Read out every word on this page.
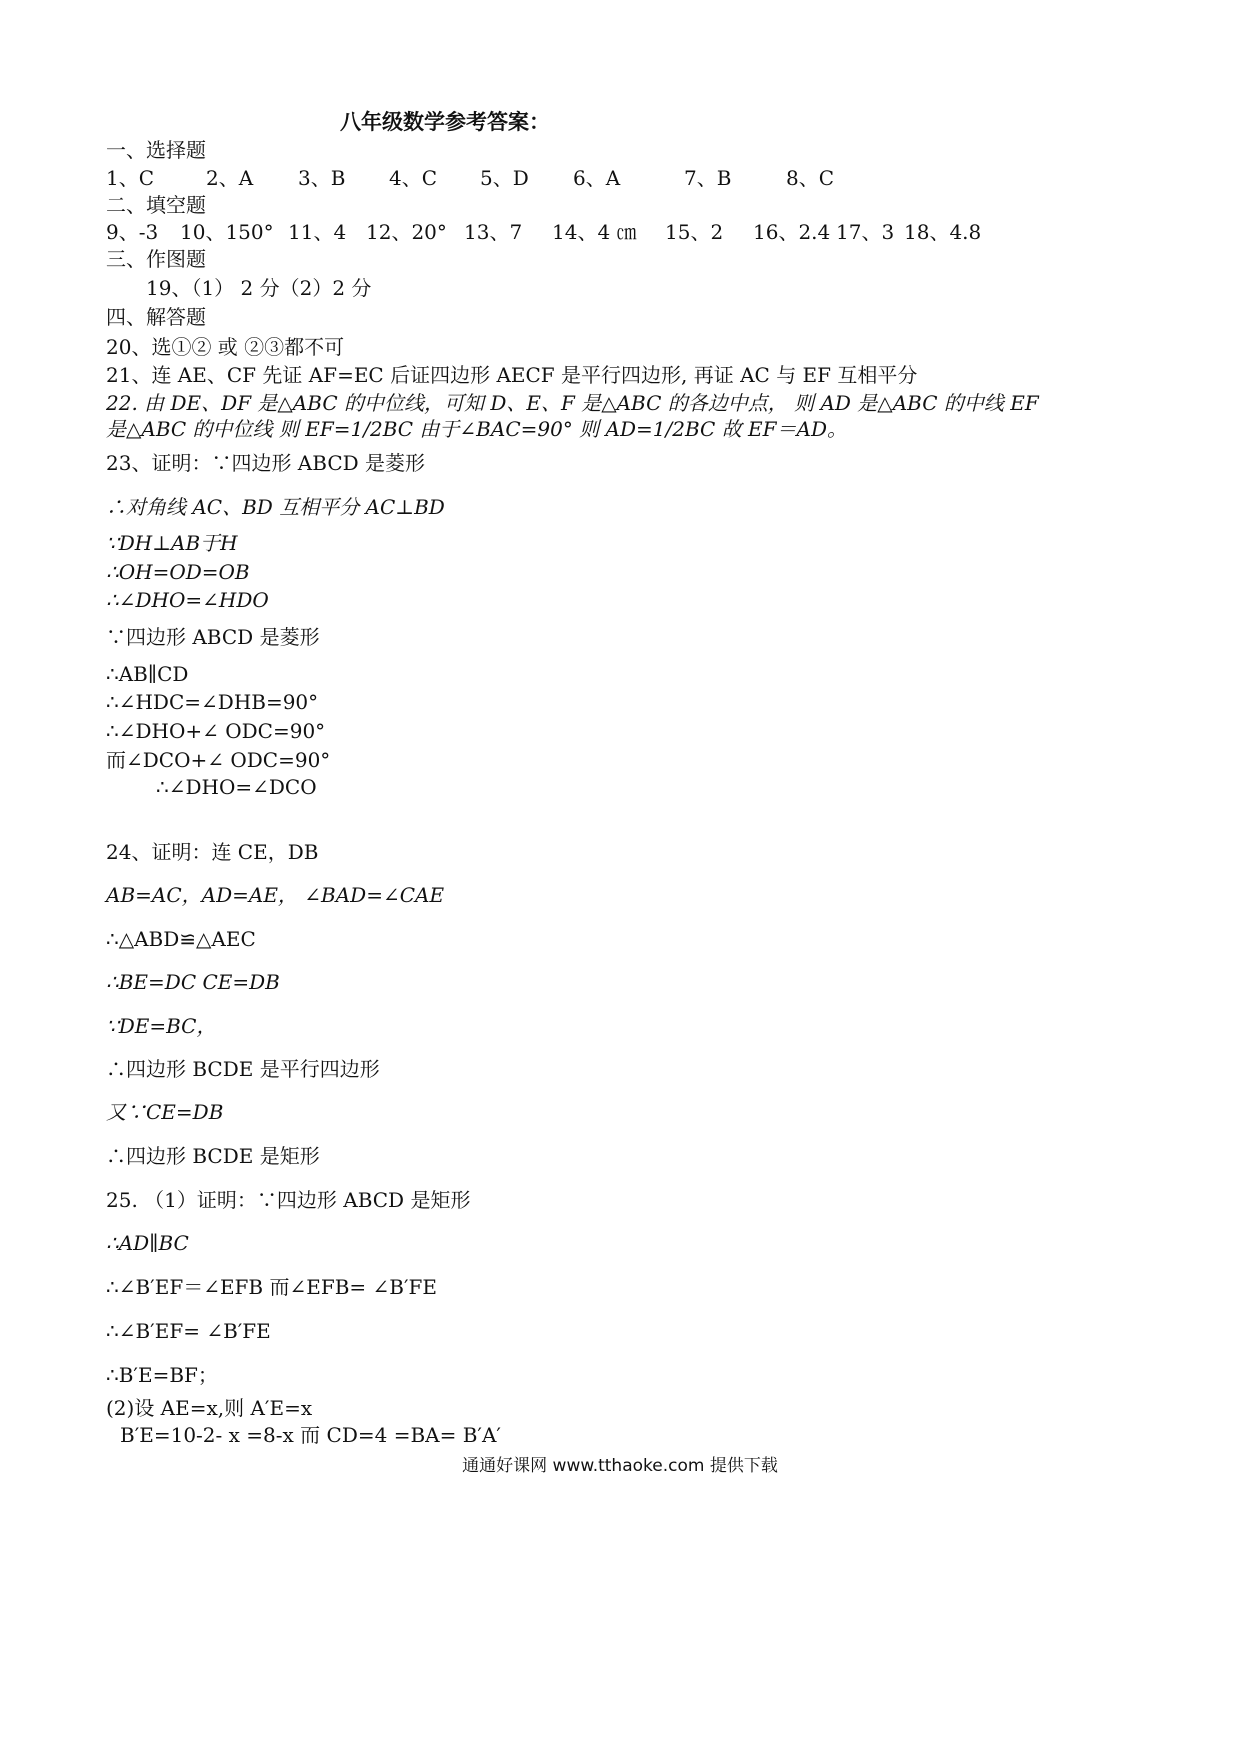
八年级数学参考答案：
一、选择题
1、C	2、A 3、B 4、C 5、D 6、A	7、B	8、C
二、填空题
9、-3 10、150° 11、4 12、20° 13、7 14、4 ㎝ 15、2 16、2.4 17、3 18、4.8
三、作图题
19、（1） 2 分（2）2 分
四、解答题
20、选①② 或 ②③都不可
21、连 AE、CF 先证 AF=EC 后证四边形 AECF 是平行四边形, 再证 AC 与 EF 互相平分
22. 由 DE、DF 是△ABC 的中位线，可知 D、E、F 是△ABC 的各边中点， 则 AD 是△ABC 的中线 EF
是△ABC 的中位线 则 EF=1/2BC 由于∠BAC=90° 则 AD=1/2BC 故 EF＝AD。
23、证明：∵四边形 ABCD 是菱形
∴对角线 AC、BD 互相平分 AC⊥BD
∵DH⊥AB于H
∴OH=OD=OB
∴∠DHO=∠HDO
∵四边形 ABCD 是菱形
∴AB∥CD
∴∠HDC=∠DHB=90°
∴∠DHO+∠ ODC=90°
而∠DCO+∠ ODC=90°
∴∠DHO=∠DCO
24、证明：连 CE，DB
AB=AC，AD=AE， ∠BAD=∠CAE
∴△ABD≌△AEC
∴BE=DC CE=DB
∵DE=BC，
∴四边形 BCDE 是平行四边形
又∵CE=DB
∴四边形 BCDE 是矩形
25. （1）证明：∵四边形 ABCD 是矩形
∴AD∥BC
∴∠B′EF＝∠EFB 而∠EFB= ∠B′FE
∴∠B′EF= ∠B′FE
∴B′E=BF；
(2)设 AE=x,则 A′E=x
B′E=10-2- x =8-x 而 CD=4 =BA= B′A′
通通好课网 www.tthaoke.com 提供下载
